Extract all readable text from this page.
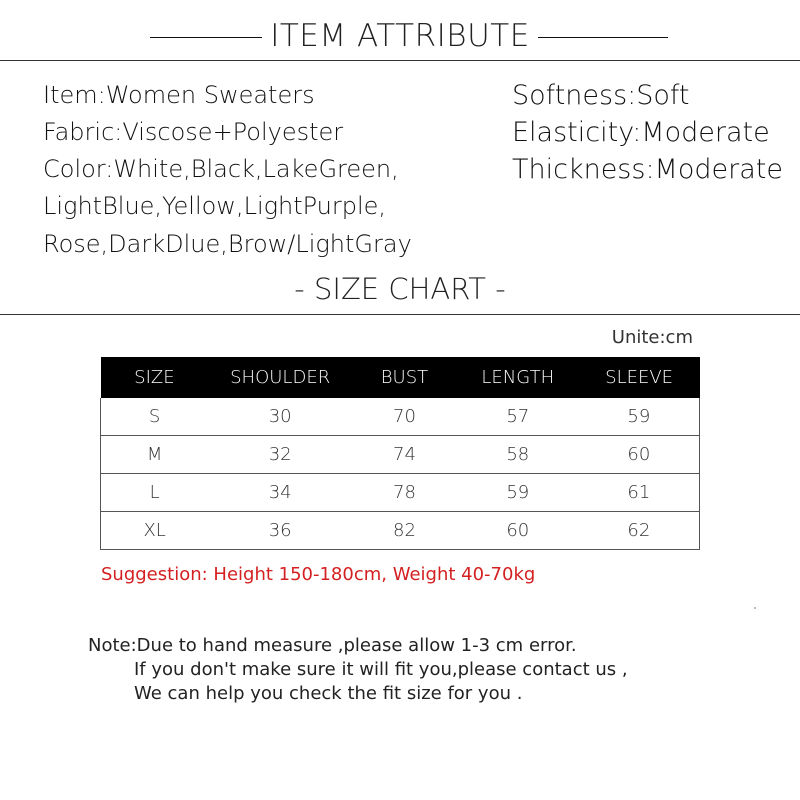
ITEM ATTRIBUTE
Item:Women Sweaters
Fabric:Viscose+Polyester
Color:White,Black,LakeGreen,
LightBlue,Yellow,LightPurple,
Rose,DarkDlue,Brow/LightGray
Softness:Soft
Elasticity:Moderate
Thickness:Moderate
- SIZE CHART -
Unite:cm
SIZE	SHOULDER	BUST	LENGTH	SLEEVE
S	30	70	57	59
M	32	74	58	60
L	34	78	59	61
XL	36	82	60	62
Suggestion: Height 150-180cm, Weight 40-70kg
Note:Due to hand measure ,please allow 1-3 cm error.
If you don't make sure it will fit you,please contact us ,
We can help you check the fit size for you .
